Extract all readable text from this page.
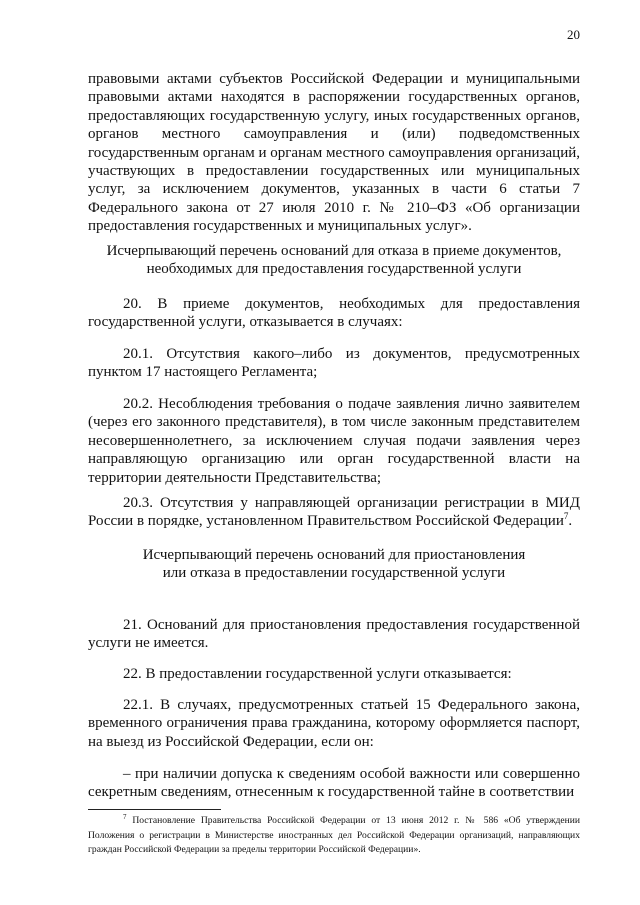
20

правовыми актами субъектов Российской Федерации и муниципальными правовыми актами находятся в распоряжении государственных органов, предоставляющих государственную услугу, иных государственных органов, органов местного самоуправления и (или) подведомственных государственным органам и органам местного самоуправления организаций, участвующих в предоставлении государственных или муниципальных услуг, за исключением документов, указанных в части 6 статьи 7 Федерального закона от 27 июля 2010 г. № 210–ФЗ «Об организации предоставления государственных и муниципальных услуг».

Исчерпывающий перечень оснований для отказа в приеме документов,
необходимых для предоставления государственной услуги

20. В приеме документов, необходимых для предоставления государственной услуги, отказывается в случаях:

20.1. Отсутствия какого–либо из документов, предусмотренных пунктом 17 настоящего Регламента;

20.2. Несоблюдения требования о подаче заявления лично заявителем (через его законного представителя), в том числе законным представителем несовершеннолетнего, за исключением случая подачи заявления через направляющую организацию или орган государственной власти на территории деятельности Представительства;

20.3. Отсутствия у направляющей организации регистрации в МИД России в порядке, установленном Правительством Российской Федерации$^7$.

Исчерпывающий перечень оснований для приостановления
или отказа в предоставлении государственной услуги

21. Оснований для приостановления предоставления государственной услуги не имеется.

22. В предоставлении государственной услуги отказывается:

22.1. В случаях, предусмотренных статьей 15 Федерального закона, временного ограничения права гражданина, которому оформляется паспорт, на выезд из Российской Федерации, если он:

– при наличии допуска к сведениям особой важности или совершенно секретным сведениям, отнесенным к государственной тайне в соответствии

$^7$ Постановление Правительства Российской Федерации от 13 июня 2012 г. № 586 «Об утверждении Положения о регистрации в Министерстве иностранных дел Российской Федерации организаций, направляющих граждан Российской Федерации за пределы территории Российской Федерации».
